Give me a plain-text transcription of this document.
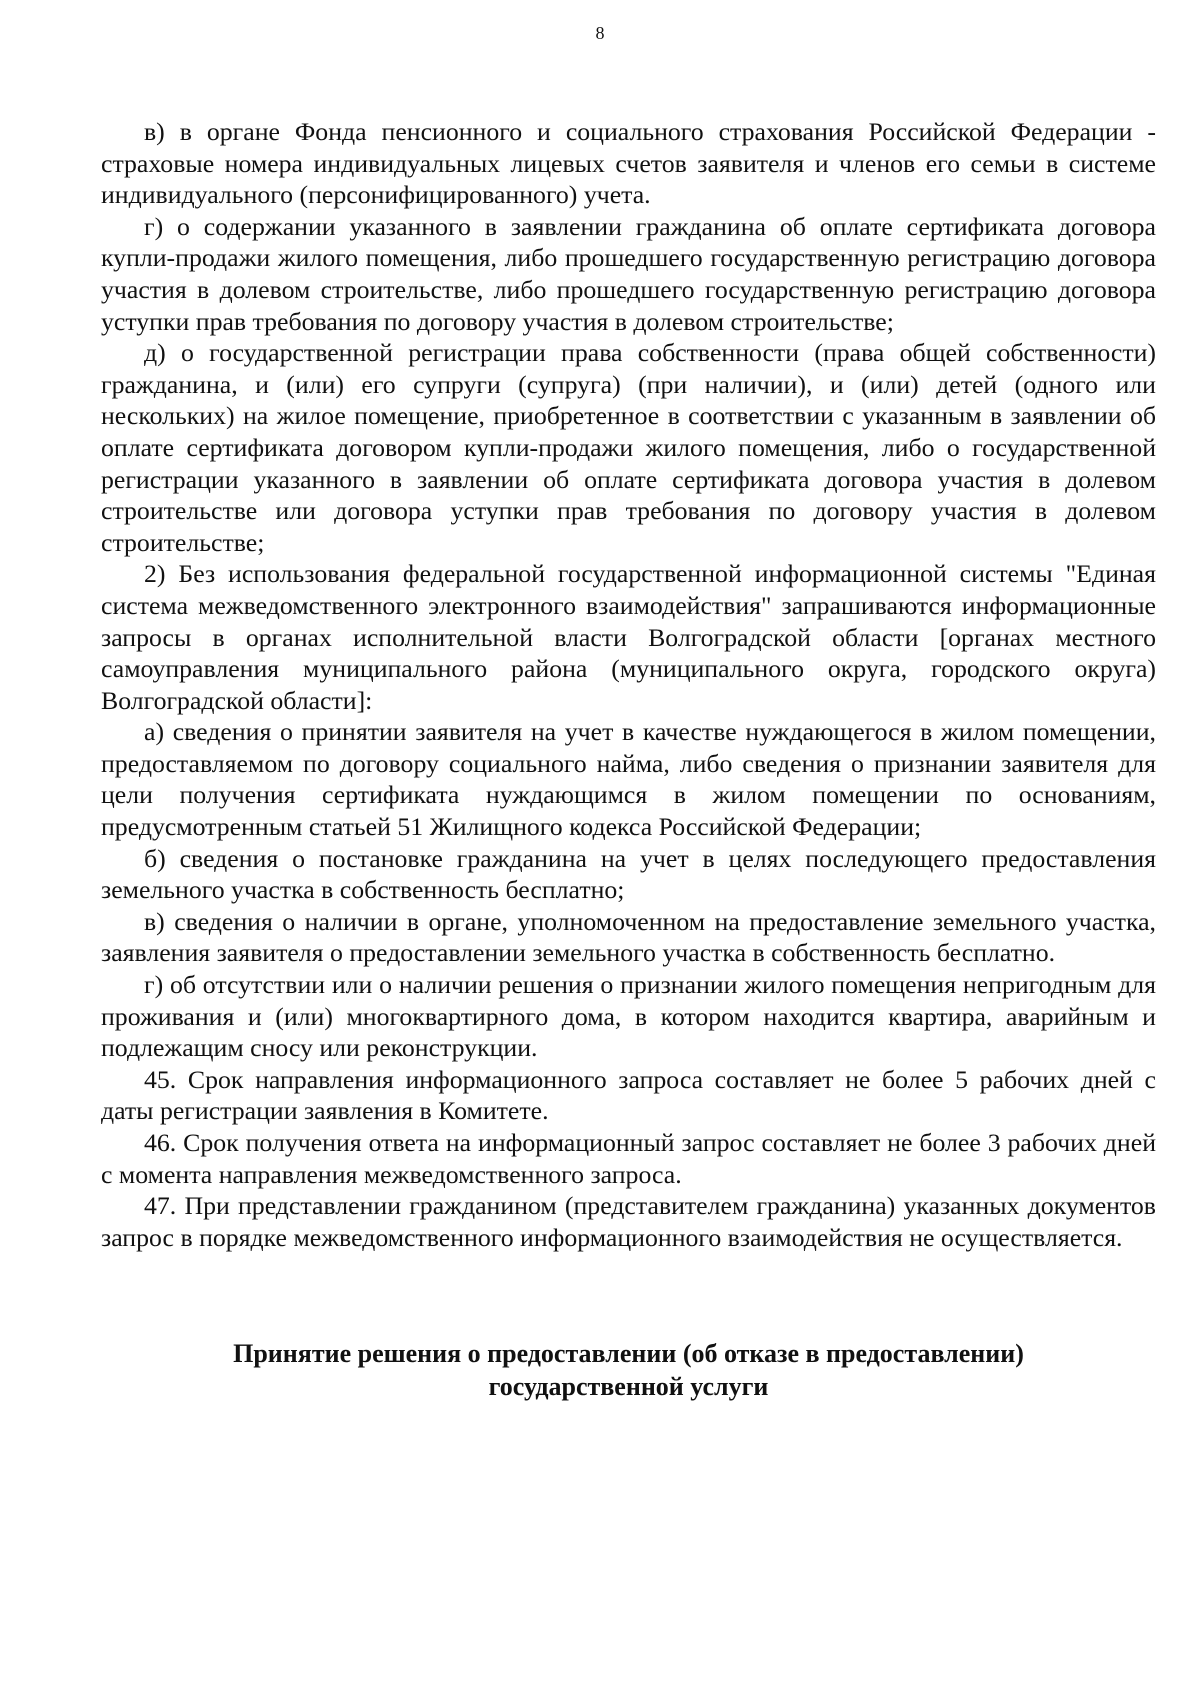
8

в) в органе Фонда пенсионного и социального страхования Российской Федерации - страховые номера индивидуальных лицевых счетов заявителя и членов его семьи в системе индивидуального (персонифицированного) учета.

г) о содержании указанного в заявлении гражданина об оплате сертификата договора купли-продажи жилого помещения, либо прошедшего государственную регистрацию договора участия в долевом строительстве, либо прошедшего государственную регистрацию договора уступки прав требования по договору участия в долевом строительстве;

д) о государственной регистрации права собственности (права общей собственности) гражданина, и (или) его супруги (супруга) (при наличии), и (или) детей (одного или нескольких) на жилое помещение, приобретенное в соответствии с указанным в заявлении об оплате сертификата договором купли-продажи жилого помещения, либо о государственной регистрации указанного в заявлении об оплате сертификата договора участия в долевом строительстве или договора уступки прав требования по договору участия в долевом строительстве;

2) Без использования федеральной государственной информационной системы "Единая система межведомственного электронного взаимодействия" запрашиваются информационные запросы в органах исполнительной власти Волгоградской области [органах местного самоуправления муниципального района (муниципального округа, городского округа) Волгоградской области]:

а) сведения о принятии заявителя на учет в качестве нуждающегося в жилом помещении, предоставляемом по договору социального найма, либо сведения о признании заявителя для цели получения сертификата нуждающимся в жилом помещении по основаниям, предусмотренным статьей 51 Жилищного кодекса Российской Федерации;

б) сведения о постановке гражданина на учет в целях последующего предоставления земельного участка в собственность бесплатно;

в) сведения о наличии в органе, уполномоченном на предоставление земельного участка, заявления заявителя о предоставлении земельного участка в собственность бесплатно.

г) об отсутствии или о наличии решения о признании жилого помещения непригодным для проживания и (или) многоквартирного дома, в котором находится квартира, аварийным и подлежащим сносу или реконструкции.

45. Срок направления информационного запроса составляет не более 5 рабочих дней с даты регистрации заявления в Комитете.

46. Срок получения ответа на информационный запрос составляет не более 3 рабочих дней с момента направления межведомственного запроса.

47. При представлении гражданином (представителем гражданина) указанных документов запрос в порядке межведомственного информационного взаимодействия не осуществляется.

Принятие решения о предоставлении (об отказе в предоставлении)
государственной услуги
